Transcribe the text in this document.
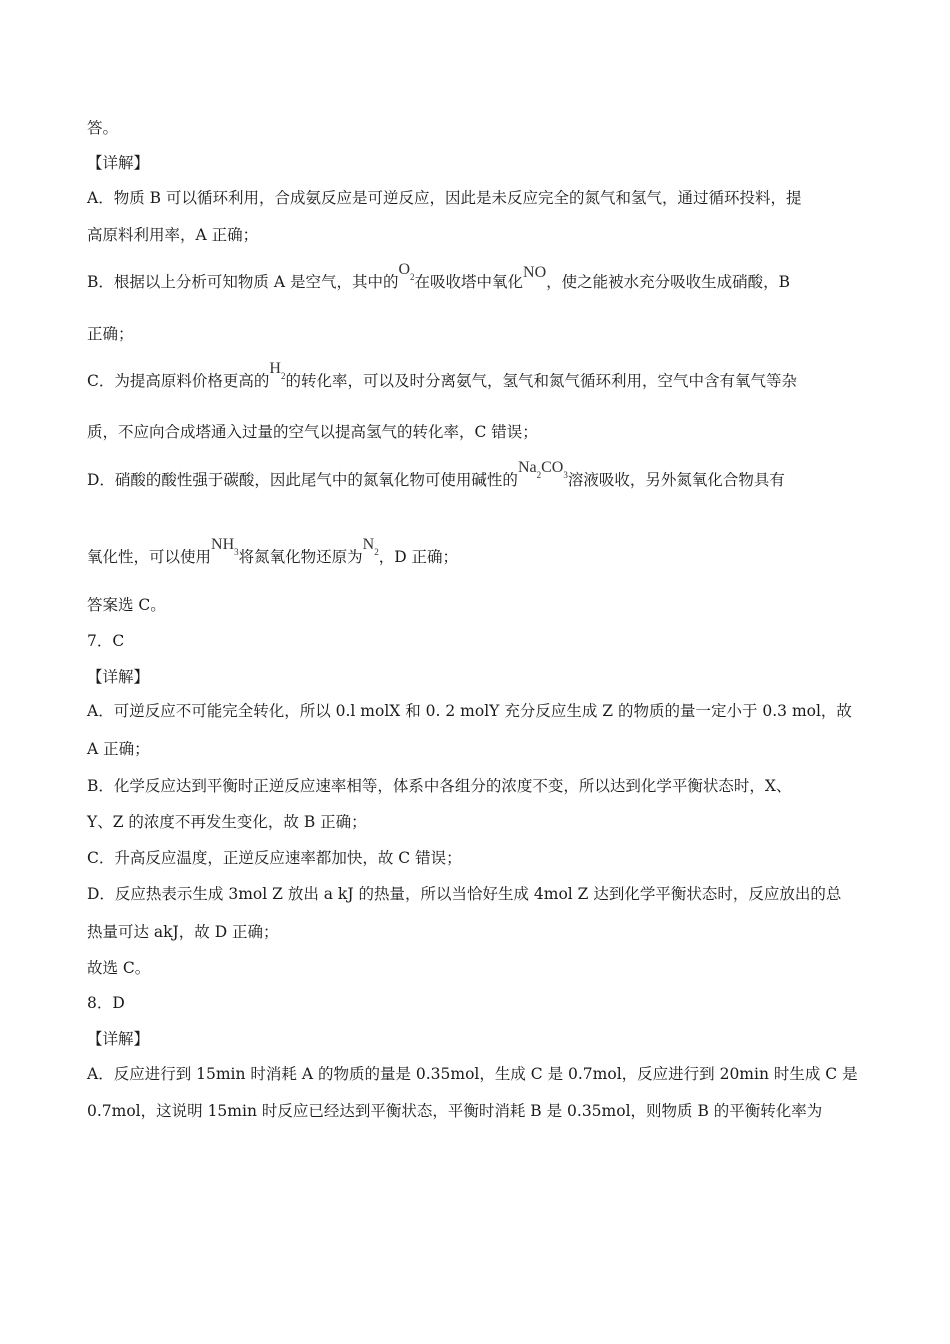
答。
【详解】
A．物质 B 可以循环利用，合成氨反应是可逆反应，因此是未反应完全的氮气和氢气，通过循环投料，提
高原料利用率，A 正确；
B．根据以上分析可知物质 A 是空气，其中的$O_2$在吸收塔中氧化NO，使之能被水充分吸收生成硝酸，B
正确；
C．为提高原料价格更高的$H_2$的转化率，可以及时分离氨气，氢气和氮气循环利用，空气中含有氧气等杂
质，不应向合成塔通入过量的空气以提高氢气的转化率，C 错误；
D．硝酸的酸性强于碳酸，因此尾气中的氮氧化物可使用碱性的$Na_2CO_3$溶液吸收，另外氮氧化合物具有
氧化性，可以使用$NH_3$将氮氧化物还原为$N_2$，D 正确；
答案选 C。
7．C
【详解】
A．可逆反应不可能完全转化，所以 0.l molX 和 0. 2 molY 充分反应生成 Z 的物质的量一定小于 0.3 mol，故
A 正确；
B．化学反应达到平衡时正逆反应速率相等，体系中各组分的浓度不变，所以达到化学平衡状态时，X、
Y、Z 的浓度不再发生变化，故 B 正确；
C．升高反应温度，正逆反应速率都加快，故 C 错误；
D．反应热表示生成 3mol Z 放出 a kJ 的热量，所以当恰好生成 4mol Z 达到化学平衡状态时，反应放出的总
热量可达 akJ，故 D 正确；
故选 C。
8．D
【详解】
A．反应进行到 15min 时消耗 A 的物质的量是 0.35mol，生成 C 是 0.7mol，反应进行到 20min 时生成 C 是
0.7mol，这说明 15min 时反应已经达到平衡状态，平衡时消耗 B 是 0.35mol，则物质 B 的平衡转化率为
